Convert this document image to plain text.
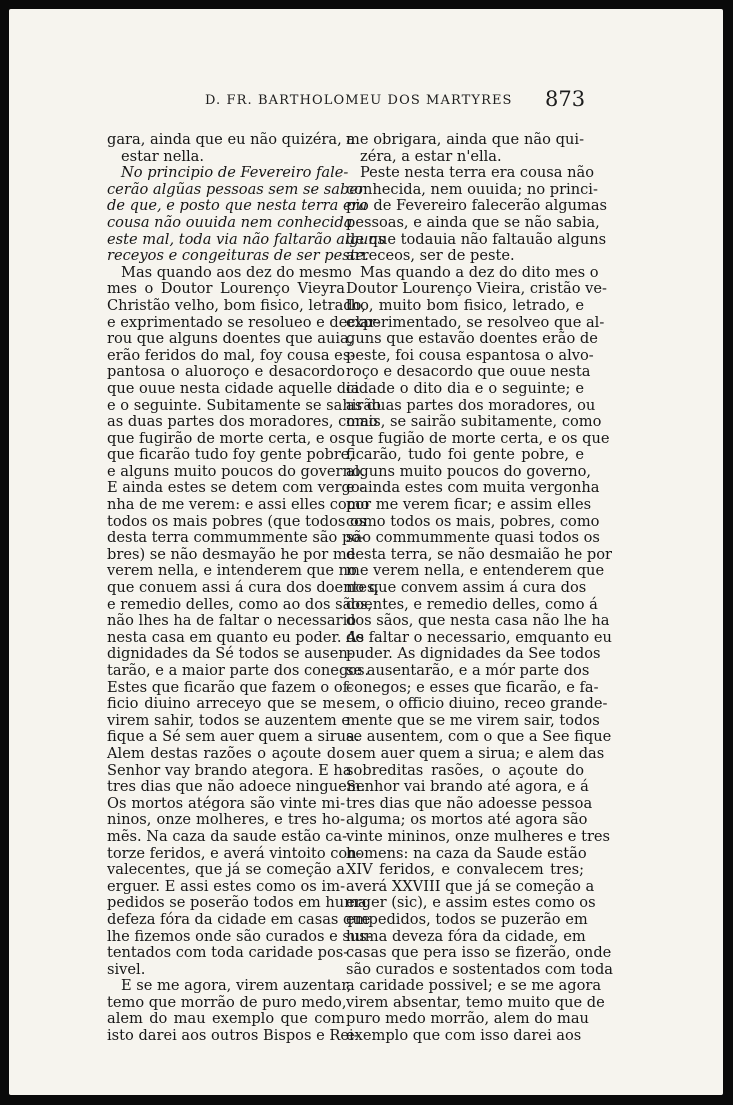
D. FR. BARTHOLOMEU DOS MARTYRES 873
gara, ainda que eu não quizéra, a
estar nella.
No principio de Fevereiro fale-
cerão algũas pessoas sem se saber
de que, e posto que nesta terra era
cousa não ouuida nem conhecida
este mal, toda via não faltarão alguns
receyos e congeituras de ser peste.
Mas quando aos dez do mesmo
mes o Doutor Lourenço Vieyra
Christão velho, bom fisico, letrado,
e exprimentado se resolueo e declar-
rou que alguns doentes que auia,
erão feridos do mal, foy cousa es-
pantosa o aluoroço e desacordo
que ouue nesta cidade aquelle dia
e o seguinte. Subitamente se sahirão
as duas partes dos moradores, como
que fugirão de morte certa, e os
que ficarão tudo foy gente pobre,
e alguns muito poucos do governo.
E ainda estes se detem com vergo-
nha de me verem: e assi elles como
todos os mais pobres (que todos os
desta terra commummente são po-
bres) se não desmayão he por me
verem nella, e intenderem que no
que conuem assi á cura dos doentes,
e remedio delles, como ao dos sãos,
não lhes ha de faltar o necessario
nesta casa em quanto eu poder. As
dignidades da Sé todos se ausen-
tarão, e a maior parte dos conegos.
Estes que ficarão que fazem o of-
ficio diuino arreceyo que se me
virem sahir, todos se auzentem e
fique a Sé sem auer quem a sirua.
Alem destas razões o açoute do
Senhor vay brando ategora. E ha
tres dias que não adoece ninguem.
Os mortos atégora são vinte mi-
ninos, onze molheres, e tres ho-
mẽs. Na caza da saude estão ca-
torze feridos, e averá vintoito con-
valecentes, que já se começão a
erguer. E assi estes como os im-
pedidos se poserão todos em huma
defeza fóra da cidade em casas que
lhe fizemos onde são curados e sus-
tentados com toda caridade pos-
sivel.
E se me agora, virem auzentar,
temo que morrão de puro medo,
alem do mau exemplo que com
isto darei aos outros Bispos e Rei-
me obrigara, ainda que não qui-
zéra, a estar n'ella.
Peste nesta terra era cousa não
conhecida, nem ouuida; no princi-
pio de Fevereiro falecerão algumas
pessoas, e ainda que se não sabia,
de que todauia não faltauão alguns
arreceos, ser de peste.
Mas quando a dez do dito mes o
Doutor Lourenço Vieira, cristão ve-
lho, muito bom fisico, letrado, e
experimentado, se resolveo que al-
guns que estavão doentes erão de
peste, foi cousa espantosa o alvo-
roço e desacordo que ouue nesta
cidade o dito dia e o seguinte; e
as duas partes dos moradores, ou
mais, se sairão subitamente, como
que fugião de morte certa, e os que
ficarão, tudo foi gente pobre, e
alguns muito poucos do governo,
e ainda estes com muita vergonha
por me verem ficar; e assim elles
como todos os mais, pobres, como
são commummente quasi todos os
desta terra, se não desmaião he por
me verem nella, e entenderem que
no que convem assim á cura dos
doentes, e remedio delles, como á
dos sãos, que nesta casa não lhe ha
de faltar o necessario, emquanto eu
puder. As dignidades da See todos
se ausentarão, e a mór parte dos
conegos; e esses que ficarão, e fa-
sem, o officio diuino, receo grande-
mente que se me virem sair, todos
se ausentem, com o que a See fique
sem auer quem a sirua; e alem das
sobreditas rasões, o açoute do
Senhor vai brando até agora, e á
tres dias que não adoesse pessoa
alguma; os mortos até agora são
vinte mininos, onze mulheres e tres
homens: na caza da Saude estão
XIV feridos, e convalecem tres;
averá XXVIII que já se começão a
erger (sic), e assim estes como os
empedidos, todos se puzerão em
huma deveza fóra da cidade, em
casas que pera isso se fizerão, onde
são curados e sostentados com toda
a caridade possivel; e se me agora
virem absentar, temo muito que de
puro medo morrão, alem do mau
exemplo que com isso darei aos
